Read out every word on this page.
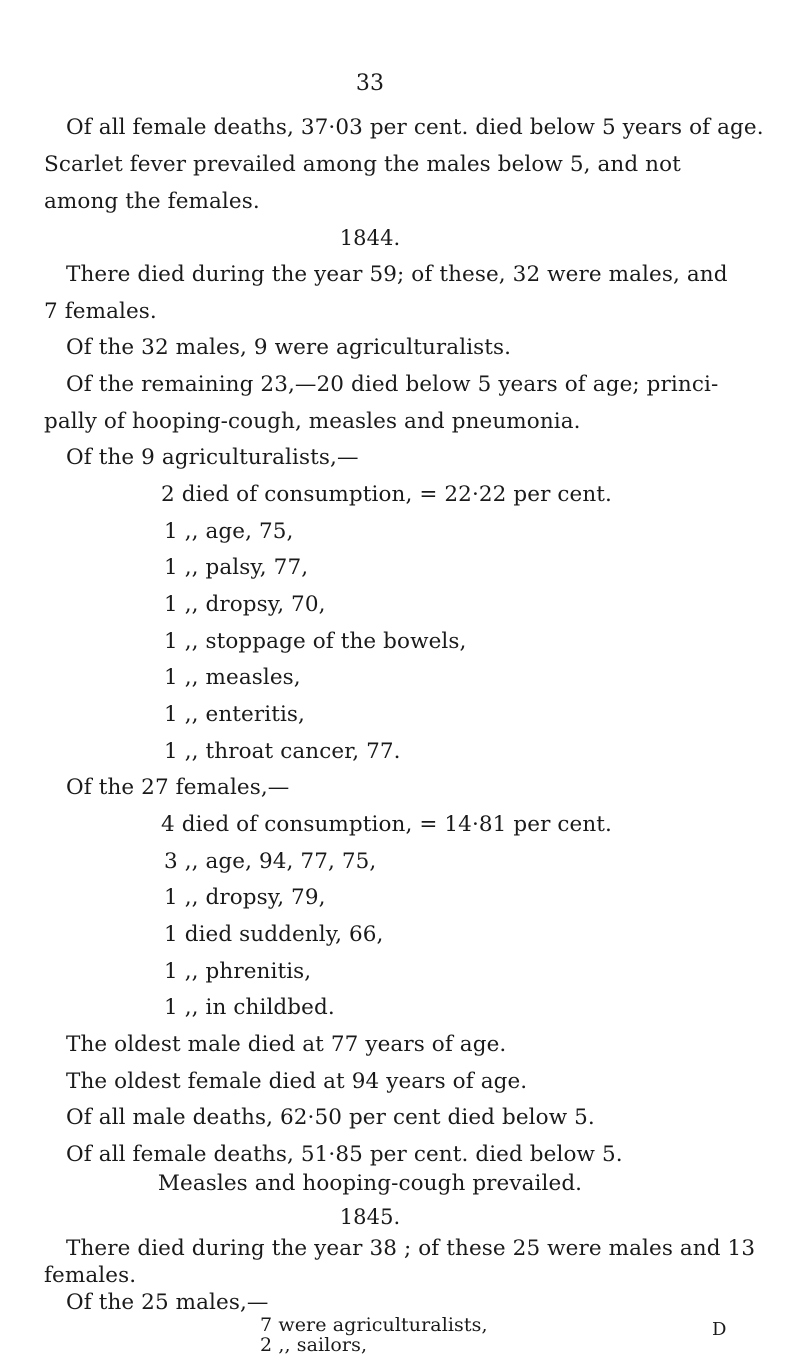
33
Of all female deaths, 37·03 per cent. died below 5 years of age.
Scarlet fever prevailed among the males below 5, and not
among the females.
1844.
There died during the year 59; of these, 32 were males, and
7 females.
Of the 32 males, 9 were agriculturalists.
Of the remaining 23,—20 died below 5 years of age; princi-
pally of hooping-cough, measles and pneumonia.
Of the 9 agriculturalists,—
2 died of consumption, = 22·22 per cent.
1 ,, age, 75,
1 ,, palsy, 77,
1 ,, dropsy, 70,
1 ,, stoppage of the bowels,
1 ,, measles,
1 ,, enteritis,
1 ,, throat cancer, 77.
Of the 27 females,—
4 died of consumption, = 14·81 per cent.
3 ,, age, 94, 77, 75,
1 ,, dropsy, 79,
1 died suddenly, 66,
1 ,, phrenitis,
1 ,, in childbed.
The oldest male died at 77 years of age.
The oldest female died at 94 years of age.
Of all male deaths, 62·50 per cent died below 5.
Of all female deaths, 51·85 per cent. died below 5.
Measles and hooping-cough prevailed.
1845.
There died during the year 38 ; of these 25 were males and 13
females.
Of the 25 males,—
7 were agriculturalists,
2 ,, sailors,
D
